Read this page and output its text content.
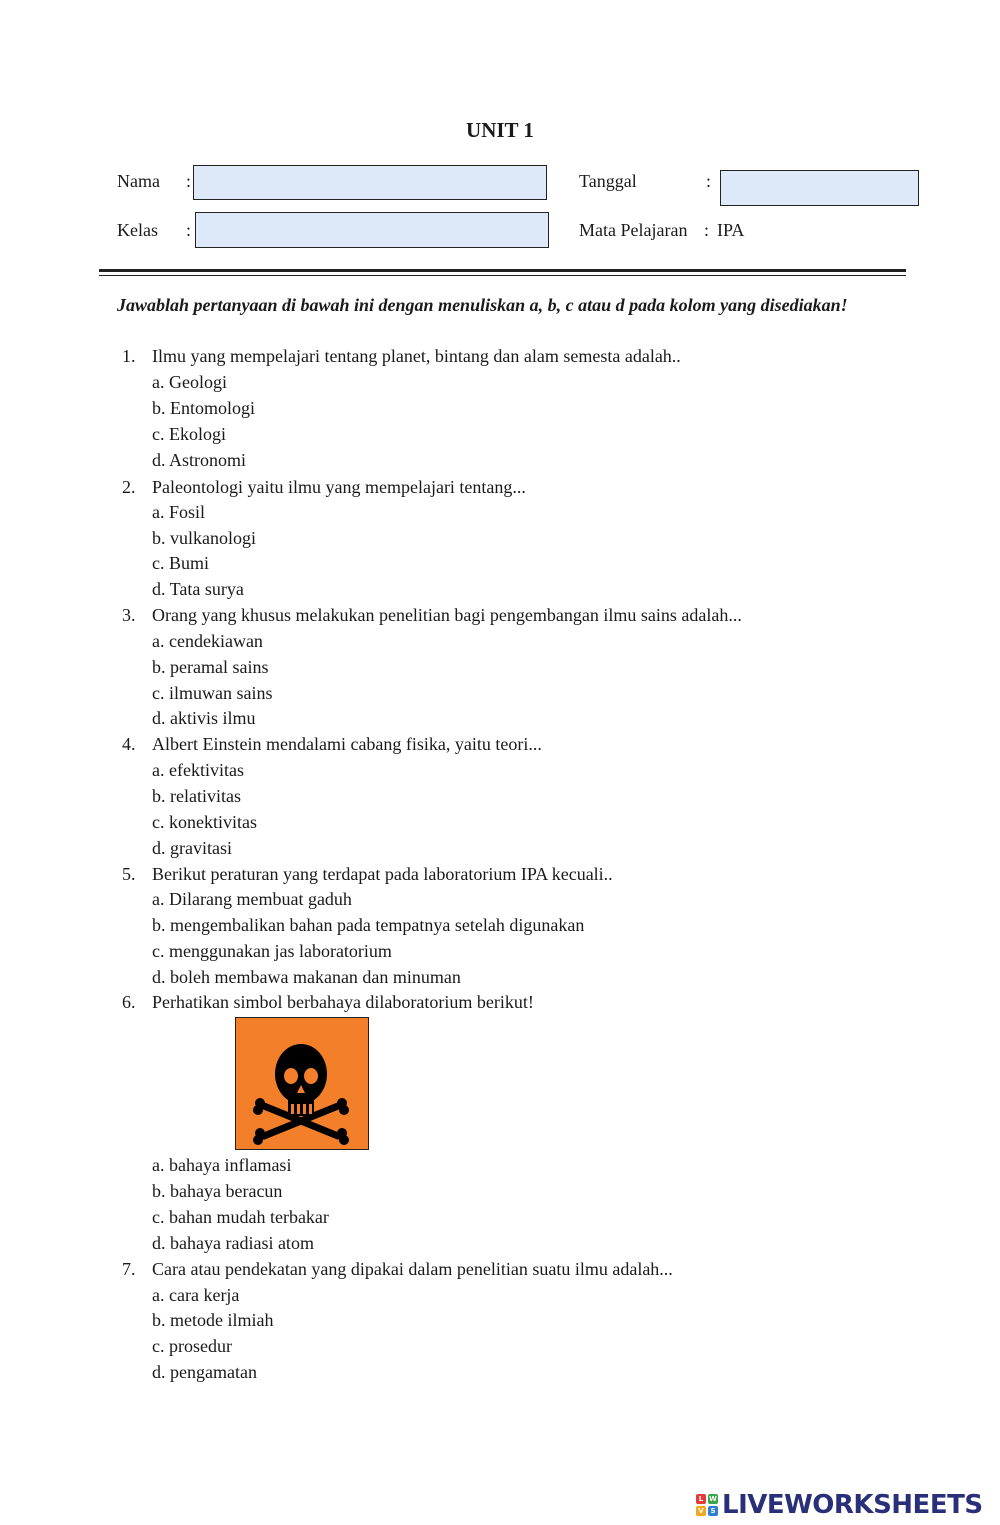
UNIT 1
Nama :
Kelas :
Tanggal	:
Mata Pelajaran : IPA
Jawablah pertanyaan di bawah ini dengan menuliskan a, b, c atau d pada kolom yang disediakan!
1. Ilmu yang mempelajari tentang planet, bintang dan alam semesta adalah..
a. Geologi
b. Entomologi
c. Ekologi
d. Astronomi
2. Paleontologi yaitu ilmu yang mempelajari tentang...
a. Fosil
b. vulkanologi
c. Bumi
d. Tata surya
3. Orang yang khusus melakukan penelitian bagi pengembangan ilmu sains adalah...
a. cendekiawan
b. peramal sains
c. ilmuwan sains
d. aktivis ilmu
4. Albert Einstein mendalami cabang fisika, yaitu teori...
a. efektivitas
b. relativitas
c. konektivitas
d. gravitasi
5. Berikut peraturan yang terdapat pada laboratorium IPA kecuali..
a. Dilarang membuat gaduh
b. mengembalikan bahan pada tempatnya setelah digunakan
c. menggunakan jas laboratorium
d. boleh membawa makanan dan minuman
6. Perhatikan simbol berbahaya dilaboratorium berikut!
a. bahaya inflamasi
b. bahaya beracun
c. bahan mudah terbakar
d. bahaya radiasi atom
7. Cara atau pendekatan yang dipakai dalam penelitian suatu ilmu adalah...
a. cara kerja
b. metode ilmiah
c. prosedur
d. pengamatan
L W
V S LIVEWORKSHEETS
